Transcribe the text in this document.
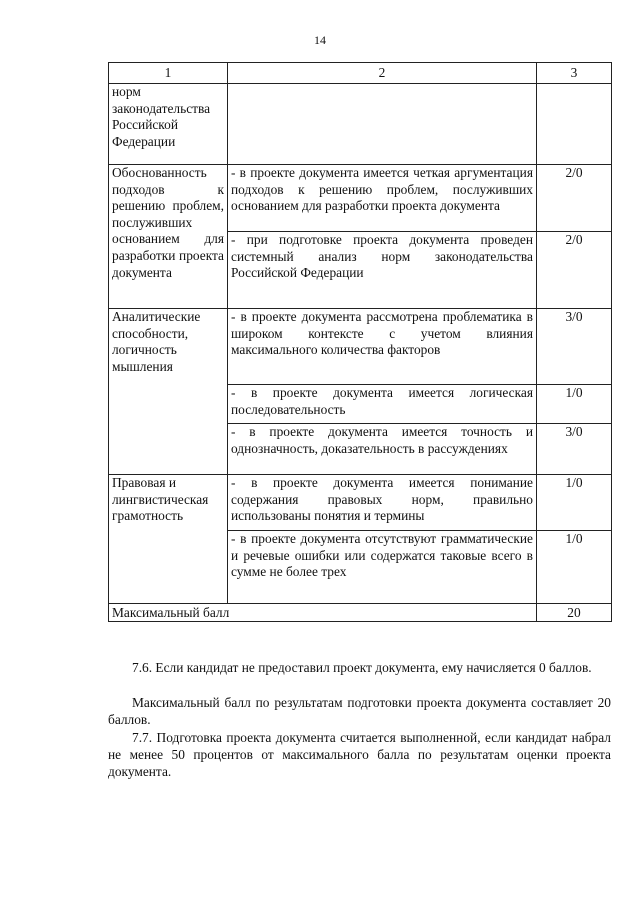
14
1	2	3
норм законодательства Российской Федерации		
Обоснованность подходов к решению проблем, послуживших основанием для разработки проекта документа	- в проекте документа имеется четкая аргументация подходов к решению проблем, послуживших основанием для разработки проекта документа	2/0
	- при подготовке проекта документа проведен системный анализ норм законодательства Российской Федерации	2/0
Аналитические способности, логичность мышления	- в проекте документа рассмотрена проблематика в широком контексте с учетом влияния максимального количества факторов	3/0
	- в проекте документа имеется логическая последовательность	1/0
	- в проекте документа имеется точность и однозначность, доказательность в рассуждениях	3/0
Правовая и лингвистическая грамотность	- в проекте документа имеется понимание содержания правовых норм, правильно использованы понятия и термины	1/0
	- в проекте документа отсутствуют грамматические и речевые ошибки или содержатся таковые всего в сумме не более трех	1/0
Максимальный балл		20

7.6. Если кандидат не предоставил проект документа, ему начисляется 0 баллов.

Максимальный балл по результатам подготовки проекта документа составляет 20 баллов.

7.7. Подготовка проекта документа считается выполненной, если кандидат набрал не менее 50 процентов от максимального балла по результатам оценки проекта документа.
